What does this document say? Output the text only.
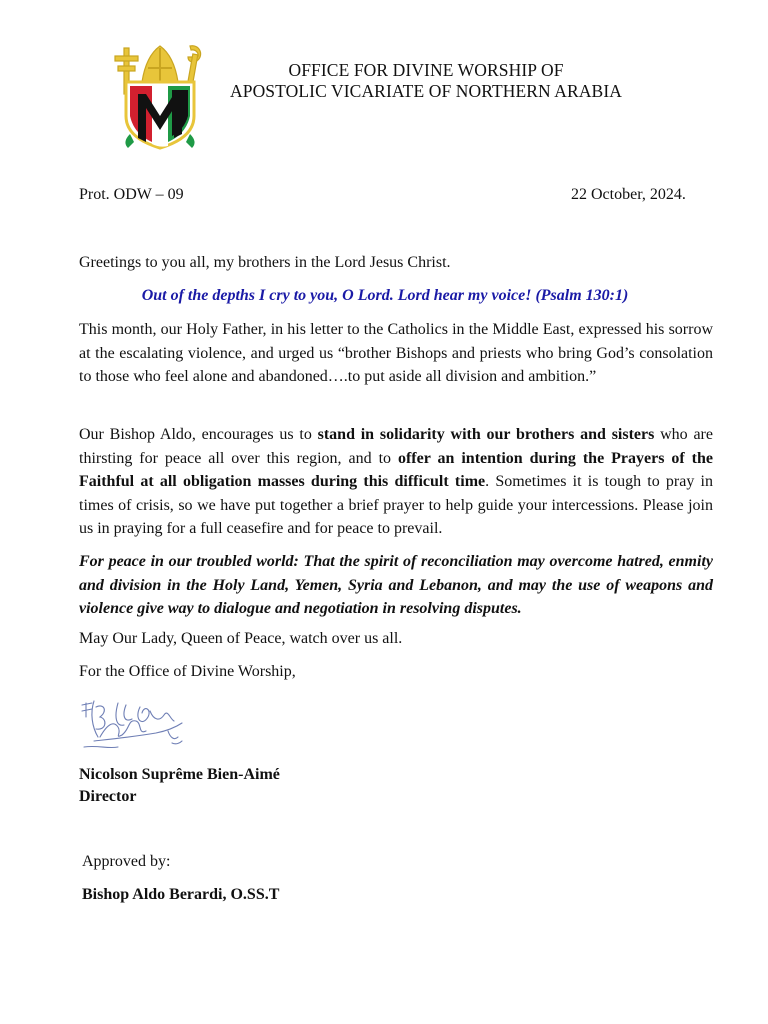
OFFICE FOR DIVINE WORSHIP OF
APOSTOLIC VICARIATE OF NORTHERN ARABIA
Prot. ODW – 09	22 October, 2024.
Greetings to you all, my brothers in the Lord Jesus Christ.
Out of the depths I cry to you, O Lord. Lord hear my voice! (Psalm 130:1)
This month, our Holy Father, in his letter to the Catholics in the Middle East, expressed his sorrow at the escalating violence, and urged us “brother Bishops and priests who bring God’s consolation to those who feel alone and abandoned….to put aside all division and ambition.”
Our Bishop Aldo, encourages us to stand in solidarity with our brothers and sisters who are thirsting for peace all over this region, and to offer an intention during the Prayers of the Faithful at all obligation masses during this difficult time. Sometimes it is tough to pray in times of crisis, so we have put together a brief prayer to help guide your intercessions. Please join us in praying for a full ceasefire and for peace to prevail.
For peace in our troubled world: That the spirit of reconciliation may overcome hatred, enmity and division in the Holy Land, Yemen, Syria and Lebanon, and may the use of weapons and violence give way to dialogue and negotiation in resolving disputes.
May Our Lady, Queen of Peace, watch over us all.
For the Office of Divine Worship,
Nicolson Suprême Bien-Aimé
Director
Approved by:
Bishop Aldo Berardi, O.SS.T
